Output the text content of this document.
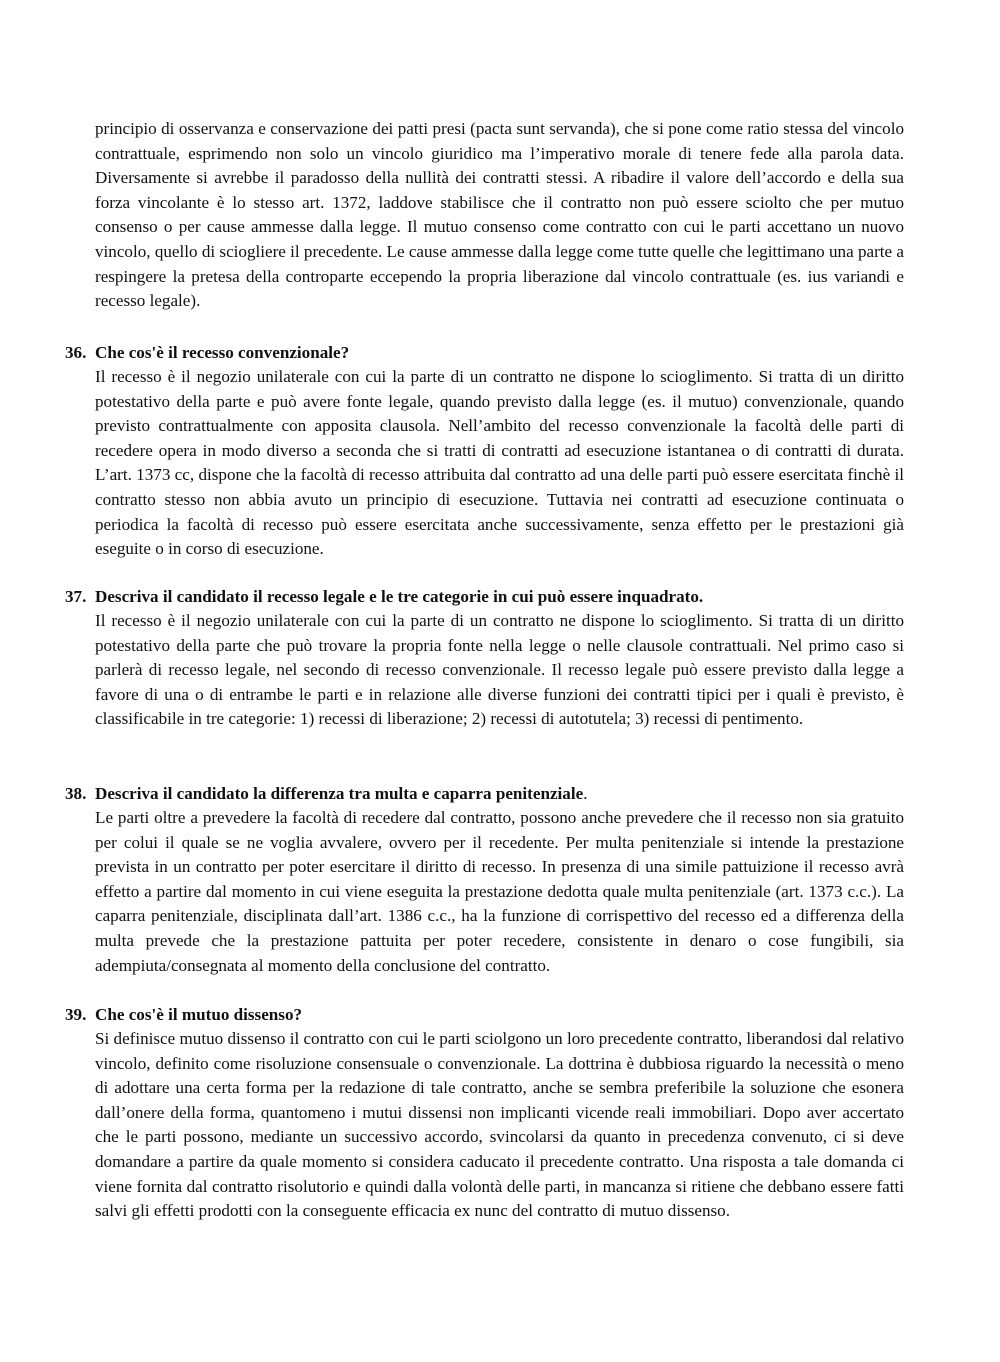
principio di osservanza e conservazione dei patti presi (pacta sunt servanda), che si pone come ratio stessa del vincolo contrattuale, esprimendo non solo un vincolo giuridico ma l’imperativo morale di tenere fede alla parola data. Diversamente si avrebbe il paradosso della nullità dei contratti stessi. A ribadire il valore dell’accordo e della sua forza vincolante è lo stesso art. 1372, laddove stabilisce che il contratto non può essere sciolto che per mutuo consenso o per cause ammesse dalla legge. Il mutuo consenso come contratto con cui le parti accettano un nuovo vincolo, quello di sciogliere il precedente. Le cause ammesse dalla legge come tutte quelle che legittimano una parte a respingere la pretesa della controparte eccependo la propria liberazione dal vincolo contrattuale (es. ius variandi e recesso legale).

36. Che cos'è il recesso convenzionale?

Il recesso è il negozio unilaterale con cui la parte di un contratto ne dispone lo scioglimento. Si tratta di un diritto potestativo della parte e può avere fonte legale, quando previsto dalla legge (es. il mutuo) convenzionale, quando previsto contrattualmente con apposita clausola. Nell’ambito del recesso convenzionale la facoltà delle parti di recedere opera in modo diverso a seconda che si tratti di contratti ad esecuzione istantanea o di contratti di durata. L’art. 1373 cc, dispone che la facoltà di recesso attribuita dal contratto ad una delle parti può essere esercitata finchè il contratto stesso non abbia avuto un principio di esecuzione. Tuttavia nei contratti ad esecuzione continuata o periodica la facoltà di recesso può essere esercitata anche successivamente, senza effetto per le prestazioni già eseguite o in corso di esecuzione.

37. Descriva il candidato il recesso legale e le tre categorie in cui può essere inquadrato.

Il recesso è il negozio unilaterale con cui la parte di un contratto ne dispone lo scioglimento. Si tratta di un diritto potestativo della parte che può trovare la propria fonte nella legge o nelle clausole contrattuali. Nel primo caso si parlerà di recesso legale, nel secondo di recesso convenzionale. Il recesso legale può essere previsto dalla legge a favore di una o di entrambe le parti e in relazione alle diverse funzioni dei contratti tipici per i quali è previsto, è classificabile in tre categorie: 1) recessi di liberazione; 2) recessi di autotutela; 3) recessi di pentimento.

38. Descriva il candidato la differenza tra multa e caparra penitenziale.

Le parti oltre a prevedere la facoltà di recedere dal contratto, possono anche prevedere che il recesso non sia gratuito per colui il quale se ne voglia avvalere, ovvero per il recedente. Per multa penitenziale si intende la prestazione prevista in un contratto per poter esercitare il diritto di recesso. In presenza di una simile pattuizione il recesso avrà effetto a partire dal momento in cui viene eseguita la prestazione dedotta quale multa penitenziale (art. 1373 c.c.). La caparra penitenziale, disciplinata dall’art. 1386 c.c., ha la funzione di corrispettivo del recesso ed a differenza della multa prevede che la prestazione pattuita per poter recedere, consistente in denaro o cose fungibili, sia adempiuta/consegnata al momento della conclusione del contratto.

39. Che cos'è il mutuo dissenso?

Si definisce mutuo dissenso il contratto con cui le parti sciolgono un loro precedente contratto, liberandosi dal relativo vincolo, definito come risoluzione consensuale o convenzionale. La dottrina è dubbiosa riguardo la necessità o meno di adottare una certa forma per la redazione di tale contratto, anche se sembra preferibile la soluzione che esonera dall’onere della forma, quantomeno i mutui dissensi non implicanti vicende reali immobiliari. Dopo aver accertato che le parti possono, mediante un successivo accordo, svincolarsi da quanto in precedenza convenuto, ci si deve domandare a partire da quale momento si considera caducato il precedente contratto. Una risposta a tale domanda ci viene fornita dal contratto risolutorio e quindi dalla volontà delle parti, in mancanza si ritiene che debbano essere fatti salvi gli effetti prodotti con la conseguente efficacia ex nunc del contratto di mutuo dissenso.
